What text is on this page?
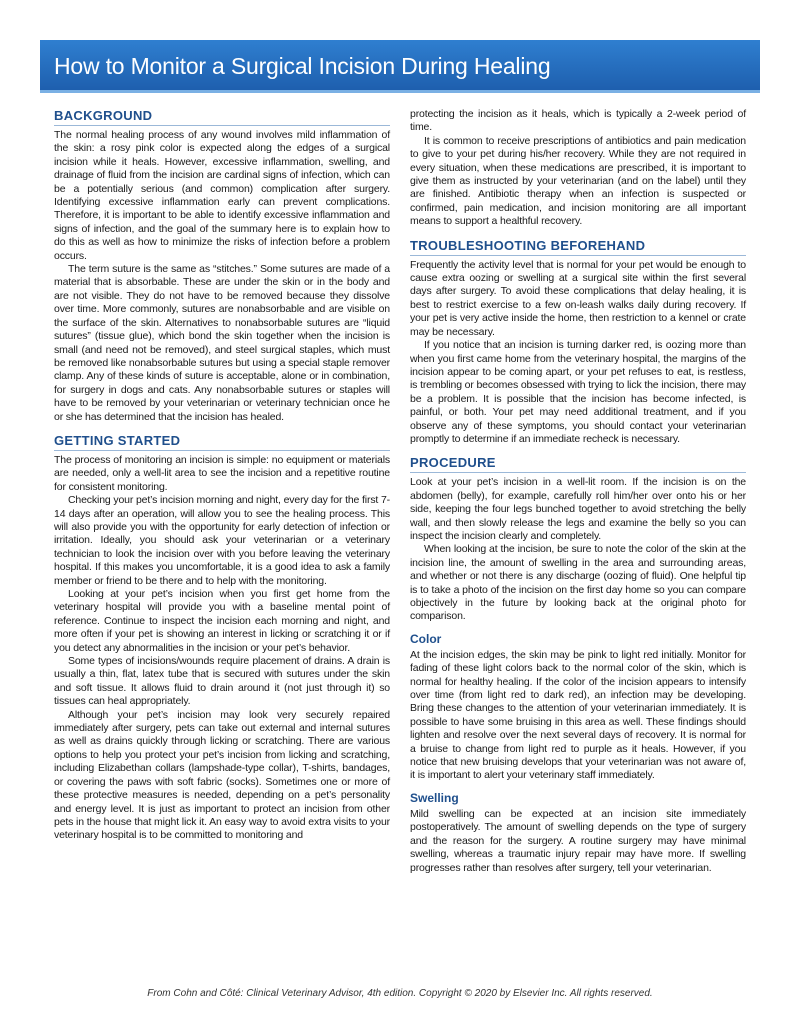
How to Monitor a Surgical Incision During Healing
BACKGROUND

The normal healing process of any wound involves mild inflammation of the skin: a rosy pink color is expected along the edges of a surgical incision while it heals. However, excessive inflammation, swelling, and drainage of fluid from the incision are cardinal signs of infection, which can be a potentially serious (and common) complication after surgery. Identifying excessive inflammation early can prevent complications. Therefore, it is important to be able to identify excessive inflammation and signs of infection, and the goal of the summary here is to explain how to do this as well as how to minimize the risks of infection before a problem occurs.

The term suture is the same as “stitches.” Some sutures are made of a material that is absorbable. These are under the skin or in the body and are not visible. They do not have to be removed because they dissolve over time. More commonly, sutures are nonabsorbable and are visible on the surface of the skin. Alternatives to nonabsorbable sutures are “liquid sutures” (tissue glue), which bond the skin together when the incision is small (and need not be removed), and steel surgical staples, which must be removed like nonabsorbable sutures but using a special staple remover clamp. Any of these kinds of suture is acceptable, alone or in combination, for surgery in dogs and cats. Any nonabsorbable sutures or staples will have to be removed by your veterinarian or veterinary technician once he or she has determined that the incision has healed.

GETTING STARTED

The process of monitoring an incision is simple: no equipment or materials are needed, only a well-lit area to see the incision and a repetitive routine for consistent monitoring.

Checking your pet’s incision morning and night, every day for the first 7-14 days after an operation, will allow you to see the healing process. This will also provide you with the opportunity for early detection of infection or irritation. Ideally, you should ask your veterinarian or a veterinary technician to look the incision over with you before leaving the veterinary hospital. If this makes you uncomfortable, it is a good idea to ask a family member or friend to be there and to help with the monitoring.

Looking at your pet’s incision when you first get home from the veterinary hospital will provide you with a baseline mental point of reference. Continue to inspect the incision each morning and night, and more often if your pet is showing an interest in licking or scratching it or if you detect any abnormalities in the incision or your pet’s behavior.

Some types of incisions/wounds require placement of drains. A drain is usually a thin, flat, latex tube that is secured with sutures under the skin and soft tissue. It allows fluid to drain around it (not just through it) so tissues can heal appropriately.

Although your pet’s incision may look very securely repaired immediately after surgery, pets can take out external and internal sutures as well as drains quickly through licking or scratching. There are various options to help you protect your pet’s incision from licking and scratching, including Elizabethan collars (lampshade-type collar), T-shirts, bandages, or covering the paws with soft fabric (socks). Sometimes one or more of these protective measures is needed, depending on a pet’s personality and energy level. It is just as important to protect an incision from other pets in the house that might lick it. An easy way to avoid extra visits to your veterinary hospital is to be committed to monitoring and

protecting the incision as it heals, which is typically a 2-week period of time.

It is common to receive prescriptions of antibiotics and pain medication to give to your pet during his/her recovery. While they are not required in every situation, when these medications are prescribed, it is important to give them as instructed by your veterinarian (and on the label) until they are finished. Antibiotic therapy when an infection is suspected or confirmed, pain medication, and incision monitoring are all important means to support a healthful recovery.

TROUBLESHOOTING BEFOREHAND

Frequently the activity level that is normal for your pet would be enough to cause extra oozing or swelling at a surgical site within the first several days after surgery. To avoid these complications that delay healing, it is best to restrict exercise to a few on-leash walks daily during recovery. If your pet is very active inside the home, then restriction to a kennel or crate may be necessary.

If you notice that an incision is turning darker red, is oozing more than when you first came home from the veterinary hospital, the margins of the incision appear to be coming apart, or your pet refuses to eat, is restless, is trembling or becomes obsessed with trying to lick the incision, there may be a problem. It is possible that the incision has become infected, is painful, or both. Your pet may need additional treatment, and if you observe any of these symptoms, you should contact your veterinarian promptly to determine if an immediate recheck is necessary.

PROCEDURE

Look at your pet’s incision in a well-lit room. If the incision is on the abdomen (belly), for example, carefully roll him/her over onto his or her side, keeping the four legs bunched together to avoid stretching the belly wall, and then slowly release the legs and examine the belly so you can inspect the incision clearly and completely.

When looking at the incision, be sure to note the color of the skin at the incision line, the amount of swelling in the area and surrounding areas, and whether or not there is any discharge (oozing of fluid). One helpful tip is to take a photo of the incision on the first day home so you can compare objectively in the future by looking back at the original photo for comparison.

Color

At the incision edges, the skin may be pink to light red initially. Monitor for fading of these light colors back to the normal color of the skin, which is normal for healthy healing. If the color of the incision appears to intensify over time (from light red to dark red), an infection may be developing. Bring these changes to the attention of your veterinarian immediately. It is possible to have some bruising in this area as well. These findings should lighten and resolve over the next several days of recovery. It is normal for a bruise to change from light red to purple as it heals. However, if you notice that new bruising develops that your veterinarian was not aware of, it is important to alert your veterinary staff immediately.

Swelling

Mild swelling can be expected at an incision site immediately postoperatively. The amount of swelling depends on the type of surgery and the reason for the surgery. A routine surgery may have minimal swelling, whereas a traumatic injury repair may have more. If swelling progresses rather than resolves after surgery, tell your veterinarian.

From Cohn and Côté: Clinical Veterinary Advisor, 4th edition. Copyright © 2020 by Elsevier Inc. All rights reserved.
